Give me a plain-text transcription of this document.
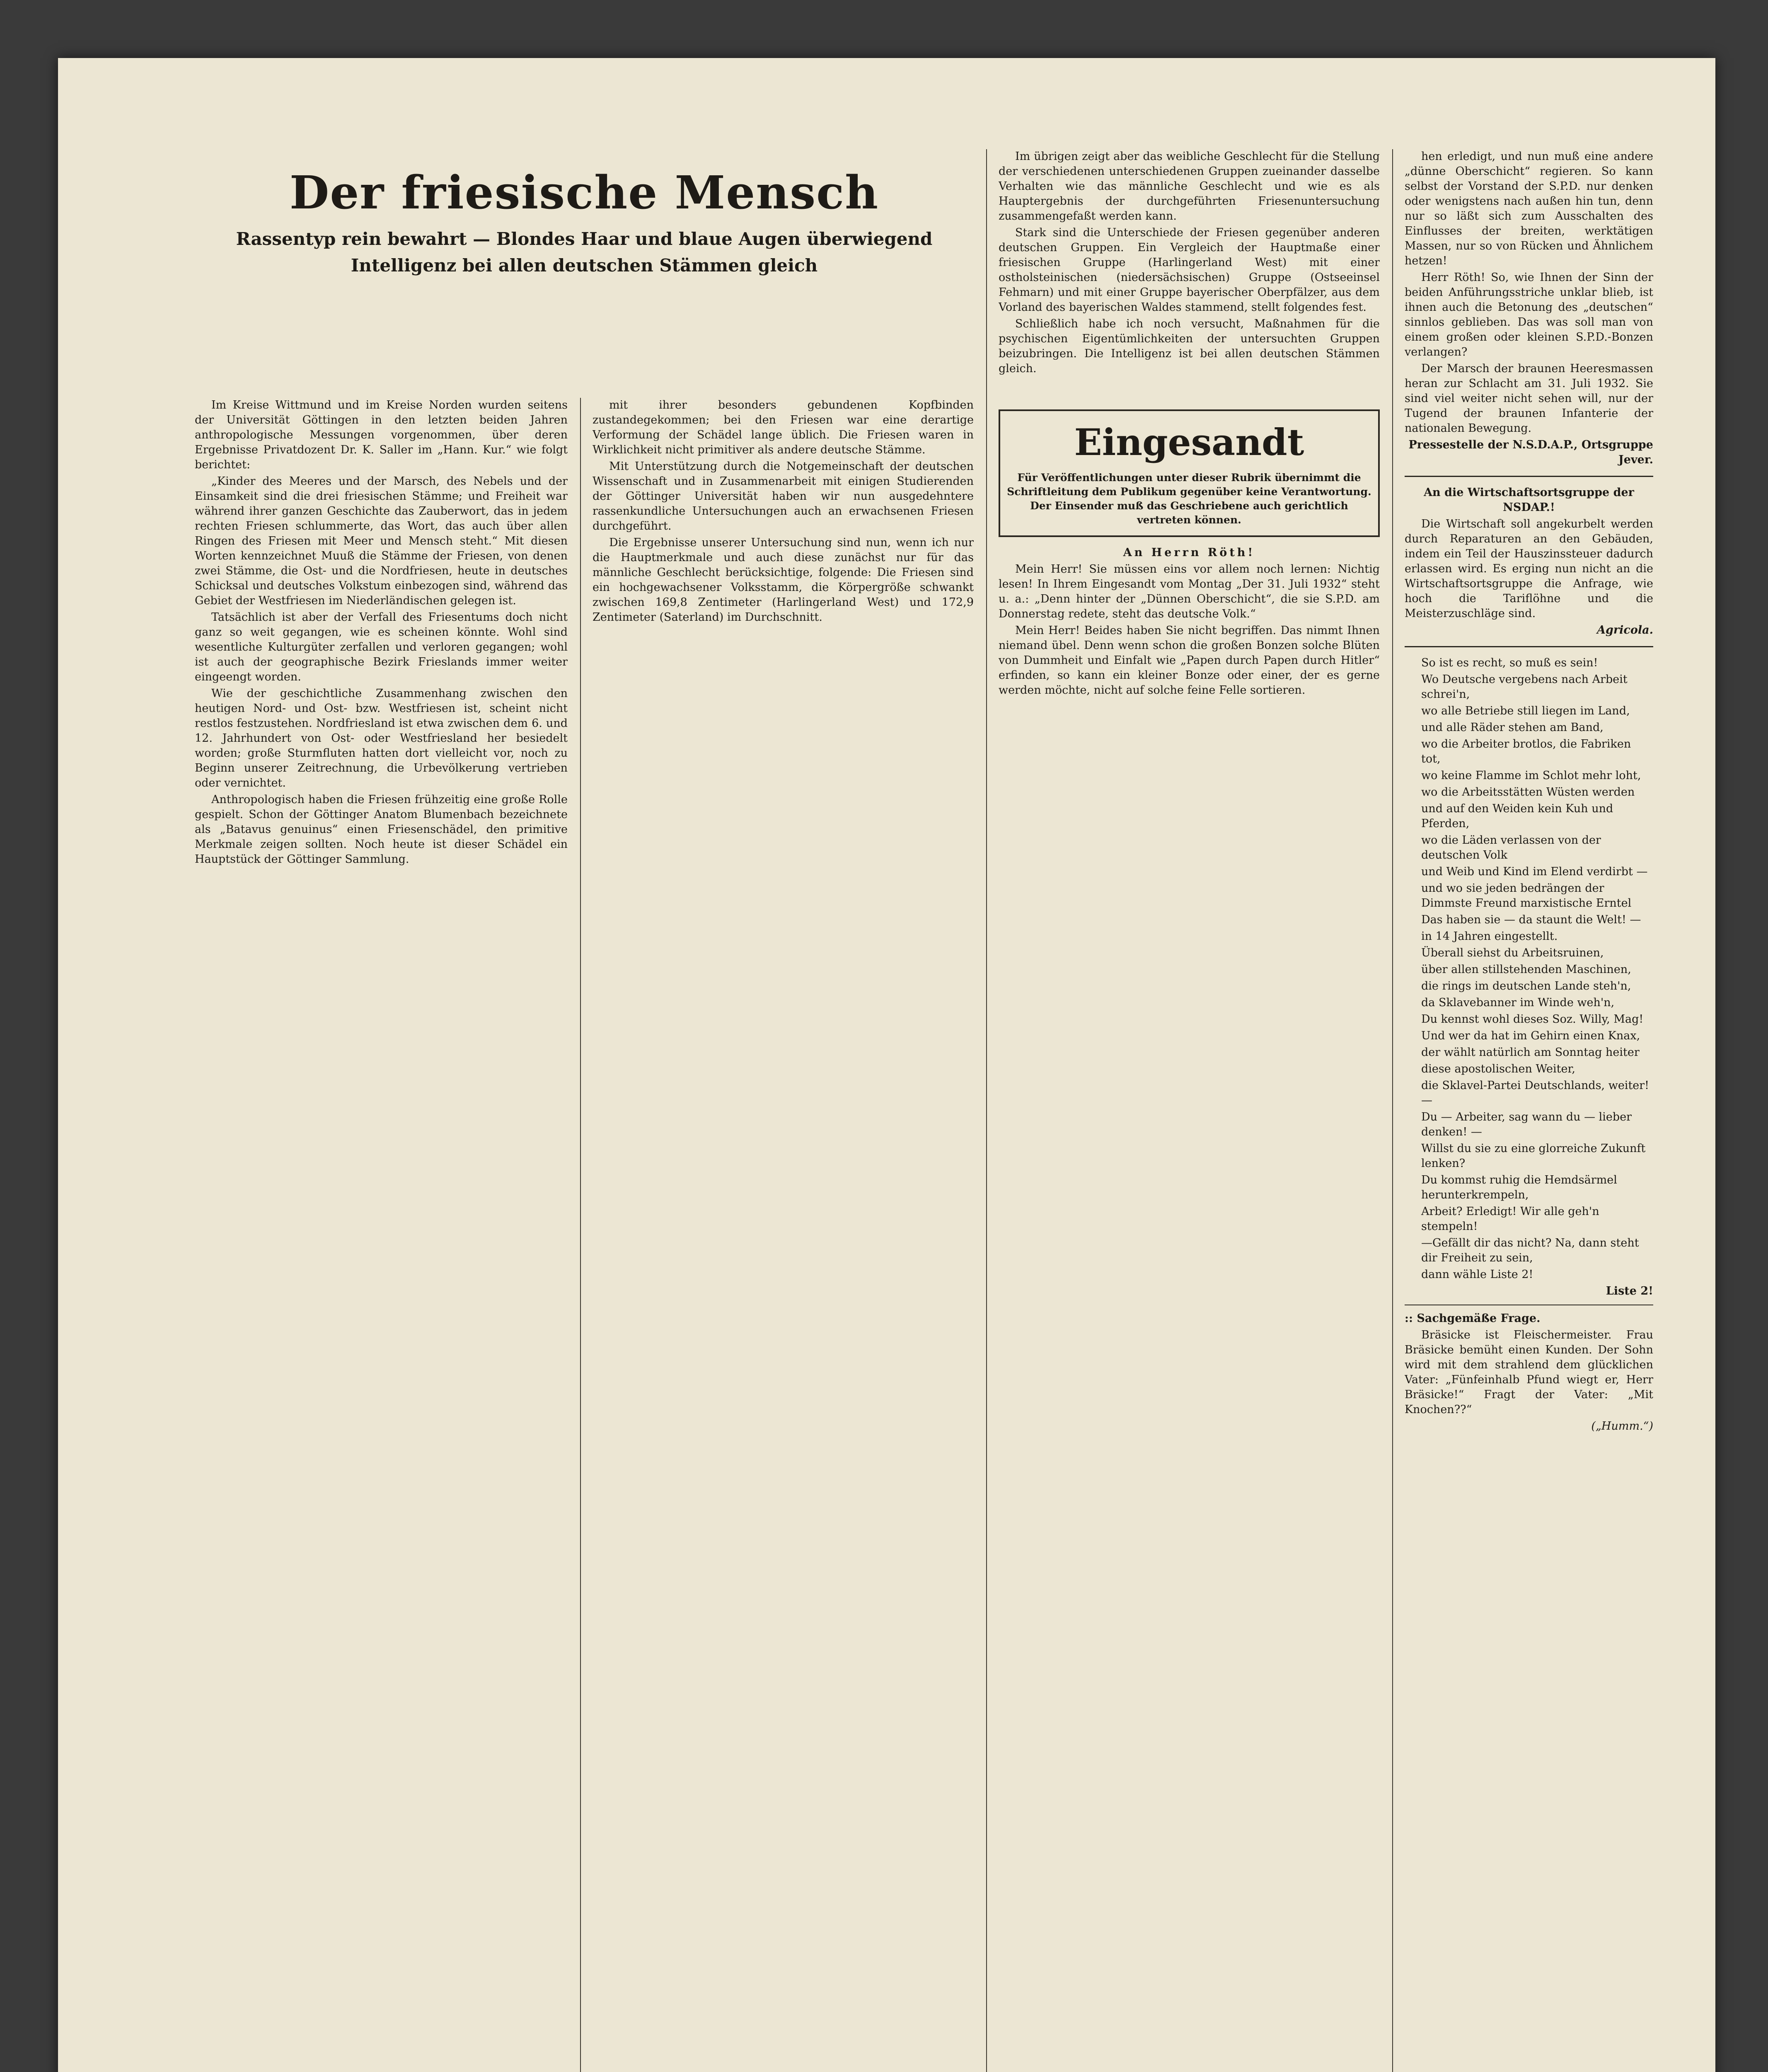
Der friesische Mensch
Rassentyp rein bewahrt — Blondes Haar und blaue Augen überwiegend
Intelligenz bei allen deutschen Stämmen gleich

Im Kreise Wittmund und im Kreise Norden wurden seitens der Universität Göttingen in den letzten beiden Jahren anthropologische Messungen vorgenommen, über deren Ergebnisse Privatdozent Dr. K. Saller im „Hann. Kur.“ wie folgt berichtet:

„Kinder des Meeres und der Marsch, des Nebels und der Einsamkeit sind die drei friesischen Stämme; und Freiheit war während ihrer ganzen Geschichte das Zauberwort, das in jedem rechten Friesen schlummerte, das Wort, das auch über allen Ringen des Friesen mit Meer und Mensch steht.“ Mit diesen Worten kennzeichnet Muuß die Stämme der Friesen, von denen zwei Stämme, die Ost- und die Nordfriesen, heute in deutsches Schicksal und deutsches Volkstum einbezogen sind, während das Gebiet der Westfriesen im Niederländischen gelegen ist.

Tatsächlich ist aber der Verfall des Friesentums doch nicht ganz so weit gegangen, wie es scheinen könnte. Wohl sind wesentliche Kulturgüter zerfallen und verloren gegangen; wohl ist auch der geographische Bezirk Frieslands immer weiter eingeengt worden.

Wie der geschichtliche Zusammenhang zwischen den heutigen Nord- und Ost- bzw. Westfriesen ist, scheint nicht restlos festzustehen. Nordfriesland ist etwa zwischen dem 6. und 12. Jahrhundert von Ost- oder Westfriesland her besiedelt worden; große Sturmfluten hatten dort vielleicht vor, noch zu Beginn unserer Zeitrechnung, die Urbevölkerung vertrieben oder vernichtet.

Anthropologisch haben die Friesen frühzeitig eine große Rolle gespielt. Schon der Göttinger Anatom Blumenbach bezeichnete als „Batavus genuinus“ einen Friesenschädel, den primitive Merkmale zeigen sollten. Noch heute ist dieser Schädel ein Hauptstück der Göttinger Sammlung.

mit ihrer besonders gebundenen Kopfbinden zustandegekommen; bei den Friesen war eine derartige Verformung der Schädel lange üblich. Die Friesen waren in Wirklichkeit nicht primitiver als andere deutsche Stämme.

Mit Unterstützung durch die Notgemeinschaft der deutschen Wissenschaft und in Zusammenarbeit mit einigen Studierenden der Göttinger Universität haben wir nun ausgedehntere rassenkundliche Untersuchungen auch an erwachsenen Friesen durchgeführt.

Die Ergebnisse unserer Untersuchung sind nun, wenn ich nur die Hauptmerkmale und auch diese zunächst nur für das männliche Geschlecht berücksichtige, folgende: Die Friesen sind ein hochgewachsener Volksstamm, die Körpergröße schwankt zwischen 169,8 Zentimeter (Harlingerland West) und 172,9 Zentimeter (Saterland) im Durchschnitt.

Im übrigen zeigt aber das weibliche Geschlecht für die Stellung der verschiedenen unterschiedenen Gruppen zueinander dasselbe Verhalten wie das männliche Geschlecht und wie es als Hauptergebnis der durchgeführten Friesenuntersuchung zusammengefaßt werden kann.

Stark sind die Unterschiede der Friesen gegenüber anderen deutschen Gruppen. Ein Vergleich der Hauptmaße einer friesischen Gruppe (Harlingerland West) mit einer ostholsteinischen (niedersächsischen) Gruppe (Ostseeinsel Fehmarn) und mit einer Gruppe bayerischer Oberpfälzer, aus dem Vorland des bayerischen Waldes stammend, stellt folgendes fest.

Schließlich habe ich noch versucht, Maßnahmen für die psychischen Eigentümlichkeiten der untersuchten Gruppen beizubringen. Die Intelligenz ist bei allen deutschen Stämmen gleich.

Eingesandt
Für Veröffentlichungen unter dieser Rubrik übernimmt die Schriftleitung dem Publikum gegenüber keine Verantwortung. Der Einsender muß das Geschriebene auch gerichtlich vertreten können.

An Herrn Röth!

Mein Herr! Sie müssen eins vor allem noch lernen: Nichtig lesen! In Ihrem Eingesandt vom Montag „Der 31. Juli 1932“ steht u. a.: „Denn hinter der „Dünnen Oberschicht“, die sie S.P.D. am Donnerstag redete, steht das deutsche Volk.“

Mein Herr! Beides haben Sie nicht begriffen. Das nimmt Ihnen niemand übel. Denn wenn schon die großen Bonzen solche Blüten von Dummheit und Einfalt wie „Papen durch Papen durch Hitler“ erfinden, so kann ein kleiner Bonze oder einer, der es gerne werden möchte, nicht auf solche feine Felle sortieren.

hen erledigt, und nun muß eine andere „dünne Oberschicht“ regieren. So kann selbst der Vorstand der S.P.D. nur denken oder wenigstens nach außen hin tun, denn nur so läßt sich zum Ausschalten des Einflusses der breiten, werktätigen Massen, nur so von Rücken und Ähnlichem hetzen!

Herr Röth! So, wie Ihnen der Sinn der beiden Anführungsstriche unklar blieb, ist ihnen auch die Betonung des „deutschen“ sinnlos geblieben. Das was soll man von einem großen oder kleinen S.P.D.-Bonzen verlangen?

Der Marsch der braunen Heeresmassen heran zur Schlacht am 31. Juli 1932. Sie sind viel weiter nicht sehen will, nur der Tugend der braunen Infanterie der nationalen Bewegung.

Pressestelle der N.S.D.A.P., Ortsgruppe Jever.

An die Wirtschaftsortsgruppe der NSDAP.!

Die Wirtschaft soll angekurbelt werden durch Reparaturen an den Gebäuden, indem ein Teil der Hauszinssteuer dadurch erlassen wird. Es erging nun nicht an die Wirtschaftsortsgruppe die Anfrage, wie hoch die Tariflöhne und die Meisterzuschläge sind.

Agricola.

So ist es recht, so muß es sein!

Wo Deutsche vergebens nach Arbeit schrei'n,

wo alle Betriebe still liegen im Land,

und alle Räder stehen am Band,

wo die Arbeiter brotlos, die Fabriken tot,

wo keine Flamme im Schlot mehr loht,

wo die Arbeitsstätten Wüsten werden

und auf den Weiden kein Kuh und Pferden,

wo die Läden verlassen von der deutschen Volk

und Weib und Kind im Elend verdirbt —

und wo sie jeden bedrängen der Dimmste Freund marxistische Erntel

Das haben sie — da staunt die Welt! —

in 14 Jahren eingestellt.

Überall siehst du Arbeitsruinen,

über allen stillstehenden Maschinen,

die rings im deutschen Lande steh'n,

da Sklavebanner im Winde weh'n,

Du kennst wohl dieses Soz. Willy, Mag!

Und wer da hat im Gehirn einen Knax,

der wählt natürlich am Sonntag heiter

diese apostolischen Weiter,

die Sklavel-Partei Deutschlands, weiter! —

Du — Arbeiter, sag wann du — lieber denken! —

Willst du sie zu eine glorreiche Zukunft lenken?

Du kommst ruhig die Hemdsärmel herunterkrempeln,

Arbeit? Erledigt! Wir alle geh'n stempeln!

—Gefällt dir das nicht? Na, dann steht dir Freiheit zu sein,

dann wähle Liste 2!

Liste 2!

:: Sachgemäße Frage.

Bräsicke ist Fleischermeister. Frau Bräsicke bemüht einen Kunden. Der Sohn wird mit dem strahlend dem glücklichen Vater: „Fünfeinhalb Pfund wiegt er, Herr Bräsicke!“ Fragt der Vater: „Mit Knochen??“

(„Humm.“)
